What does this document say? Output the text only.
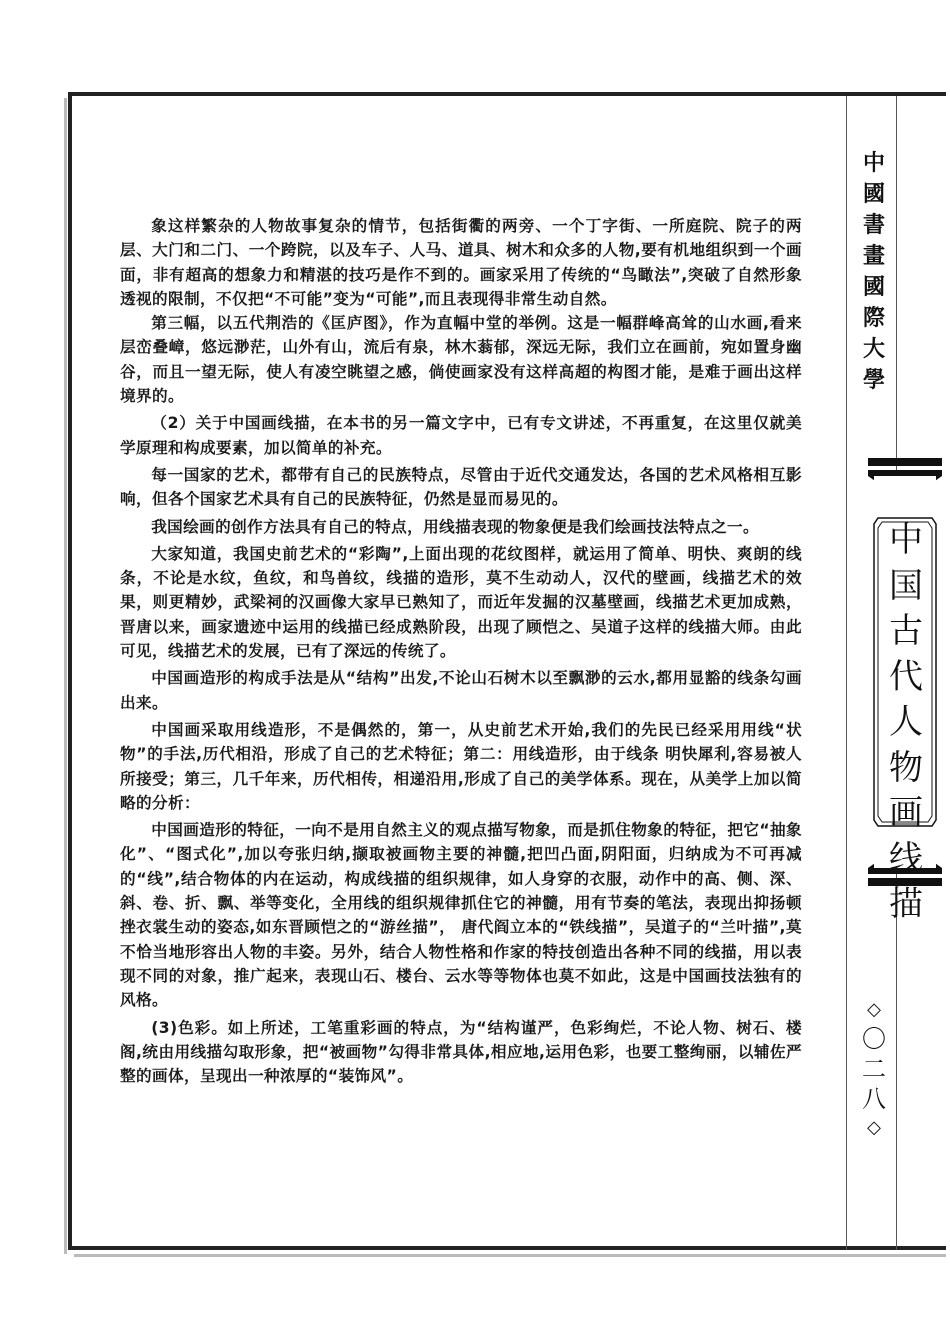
中
國
書
畫
國
際
大
學
中
国
古
代
人
物
画
线
描
◇
〇
二
八
◇

象这样繁杂的人物故事复杂的情节，包括街衢的两旁、一个丁字街、一所庭院、院子的两层、大门和二门、一个跨院，以及车子、人马、道具、树木和众多的人物,要有机地组织到一个画面，非有超高的想象力和精湛的技巧是作不到的。画家采用了传统的“鸟瞰法”,突破了自然形象透视的限制，不仅把“不可能”变为“可能”,而且表现得非常生动自然。

第三幅，以五代荆浩的《匡庐图》，作为直幅中堂的举例。这是一幅群峰高耸的山水画,看来层峦叠嶂，悠远渺茫，山外有山，流后有泉，林木蓊郁，深远无际，我们立在画前，宛如置身幽谷，而且一望无际，使人有凌空眺望之感，倘使画家没有这样高超的构图才能，是难于画出这样境界的。

（2）关于中国画线描，在本书的另一篇文字中，已有专文讲述，不再重复，在这里仅就美学原理和构成要素，加以简单的补充。

每一国家的艺术，都带有自己的民族特点，尽管由于近代交通发达，各国的艺术风格相互影响，但各个国家艺术具有自己的民族特征，仍然是显而易见的。

我国绘画的创作方法具有自己的特点，用线描表现的物象便是我们绘画技法特点之一。

大家知道，我国史前艺术的“彩陶”,上面出现的花纹图样，就运用了简单、明快、爽朗的线条，不论是水纹，鱼纹，和鸟兽纹，线描的造形，莫不生动动人，汉代的壁画，线描艺术的效果，则更精妙，武梁祠的汉画像大家早已熟知了，而近年发掘的汉墓壁画，线描艺术更加成熟，晋唐以来，画家遗迹中运用的线描已经成熟阶段，出现了顾恺之、吴道子这样的线描大师。由此可见，线描艺术的发展，已有了深远的传统了。

中国画造形的构成手法是从“结构”出发,不论山石树木以至飘渺的云水,都用显豁的线条勾画出来。

中国画采取用线造形，不是偶然的，第一，从史前艺术开始,我们的先民已经采用用线“状物”的手法,历代相沿，形成了自己的艺术特征；第二：用线造形，由于线条 明快犀利,容易被人所接受；第三，几千年来，历代相传，相递沿用,形成了自己的美学体系。现在，从美学上加以简略的分析：

中国画造形的特征，一向不是用自然主义的观点描写物象，而是抓住物象的特征，把它“抽象化”、“图式化”,加以夸张归纳,撷取被画物主要的神髓,把凹凸面,阴阳面，归纳成为不可再减的“线”,结合物体的内在运动，构成线描的组织规律，如人身穿的衣服，动作中的高、侧、深、斜、卷、折、飘、举等变化，全用线的组织规律抓住它的神髓，用有节奏的笔法，表现出抑扬顿挫衣裳生动的姿态,如东晋顾恺之的“游丝描”， 唐代阎立本的“铁线描”，吴道子的“兰叶描”,莫不恰当地形容出人物的丰姿。另外，结合人物性格和作家的特技创造出各种不同的线描，用以表现不同的对象，推广起来，表现山石、楼台、云水等等物体也莫不如此，这是中国画技法独有的风格。

(3)色彩。如上所述，工笔重彩画的特点，为“结构谨严，色彩绚烂，不论人物、树石、楼阁,统由用线描勾取形象，把“被画物”勾得非常具体,相应地,运用色彩，也要工整绚丽，以辅佐严整的画体，呈现出一种浓厚的“装饰风”。
